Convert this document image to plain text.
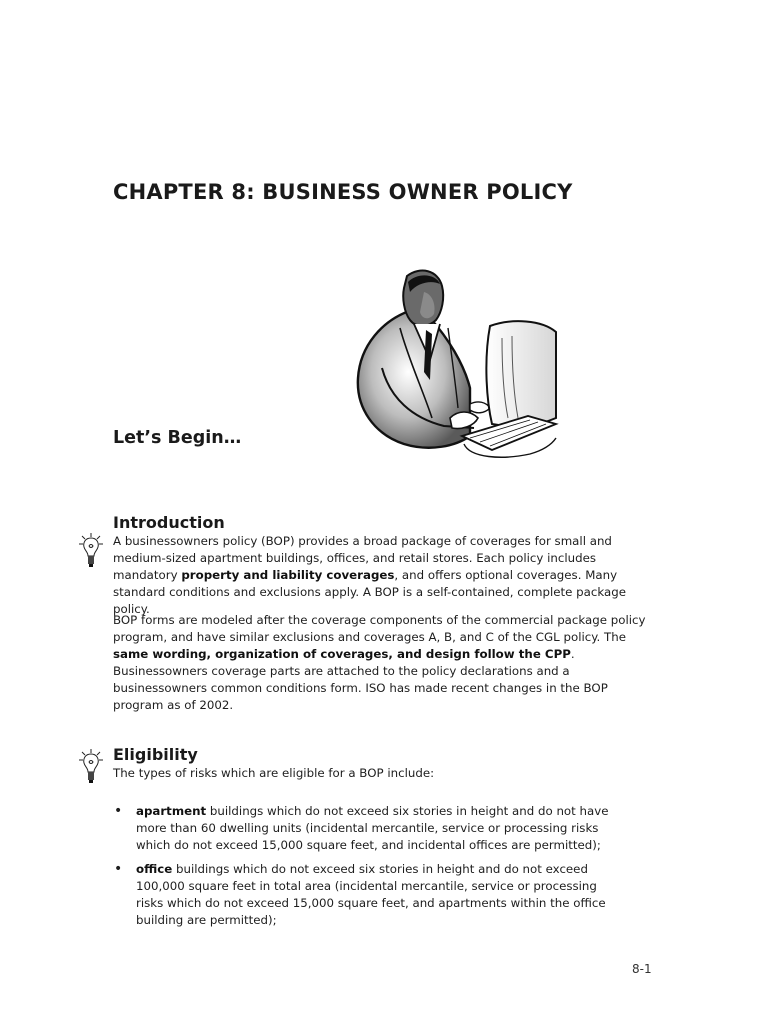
CHAPTER 8: BUSINESS OWNER POLICY
Let’s Begin…
Introduction
A businessowners policy (BOP) provides a broad package of coverages for small and medium-sized apartment buildings, offices, and retail stores. Each policy includes mandatory property and liability coverages, and offers optional coverages. Many standard conditions and exclusions apply. A BOP is a self-contained, complete package policy.
BOP forms are modeled after the coverage components of the commercial package policy program, and have similar exclusions and coverages A, B, and C of the CGL policy. The same wording, organization of coverages, and design follow the CPP. Businessowners coverage parts are attached to the policy declarations and a businessowners common conditions form. ISO has made recent changes in the BOP program as of 2002.
Eligibility
The types of risks which are eligible for a BOP include:
• apartment buildings which do not exceed six stories in height and do not have more than 60 dwelling units (incidental mercantile, service or processing risks which do not exceed 15,000 square feet, and incidental offices are permitted);
• office buildings which do not exceed six stories in height and do not exceed 100,000 square feet in total area (incidental mercantile, service or processing risks which do not exceed 15,000 square feet, and apartments within the office building are permitted);
8-1
